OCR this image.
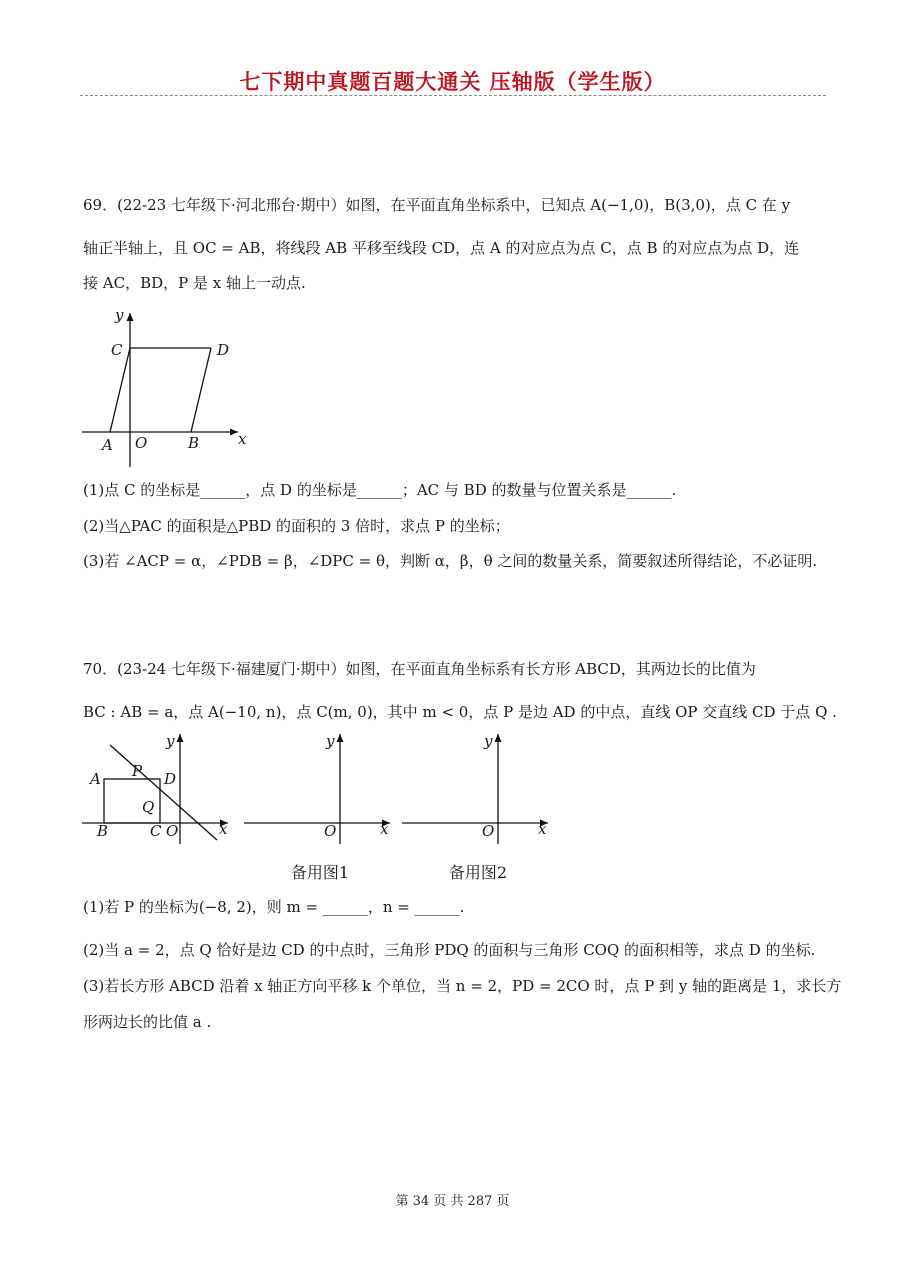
七下期中真题百题大通关 压轴版（学生版）
69．(22-23 七年级下·河北邢台·期中）如图，在平面直角坐标系中，已知点 A(−1,0)，B(3,0)，点 C 在 y
轴正半轴上，且 OC = AB，将线段 AB 平移至线段 CD，点 A 的对应点为点 C，点 B 的对应点为点 D，连
接 AC，BD，P 是 x 轴上一动点.
y
x
C	D
A O	B
(1)点 C 的坐标是______，点 D 的坐标是______；AC 与 BD 的数量与位置关系是______.
(2)当△PAC 的面积是△PBD 的面积的 3 倍时，求点 P 的坐标；
(3)若 ∠ACP = α，∠PDB = β，∠DPC = θ，判断 α，β，θ 之间的数量关系，简要叙述所得结论，不必证明.
70．(23-24 七年级下·福建厦门·期中）如图，在平面直角坐标系有长方形 ABCD，其两边长的比值为
BC : AB = a，点 A(−10, n)，点 C(m, 0)，其中 m < 0，点 P 是边 AD 的中点，直线 OP 交直线 CD 于点 Q .
y
x
A P D
Q
B	C O
y
x
O
备用图1
y
x
O
备用图2
(1)若 P 的坐标为(−8, 2)，则 m = ______，n = ______.
(2)当 a = 2，点 Q 恰好是边 CD 的中点时，三角形 PDQ 的面积与三角形 COQ 的面积相等，求点 D 的坐标.
(3)若长方形 ABCD 沿着 x 轴正方向平移 k 个单位，当 n = 2，PD = 2CO 时，点 P 到 y 轴的距离是 1，求长方
形两边长的比值 a .
第 34 页 共 287 页
